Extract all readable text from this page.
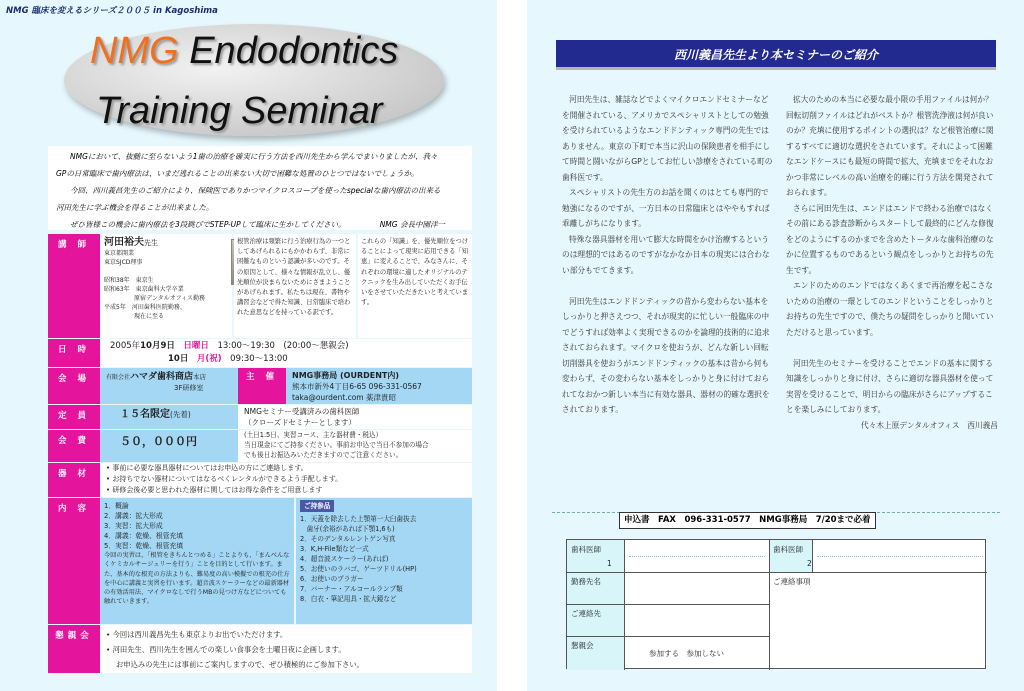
NMG 臨床を変えるシリーズ２００５ in Kagoshima
NMG Endodontics
Training Seminar

NMGにおいて、抜髄に至らないよう1歯の治療を確実に行う方法を西川先生から学んでまいりましたが、我々

GPの日常臨床で歯内療法は、いまだ逃れることの出来ない大切で困難な処置のひとつではないでしょうか。

今回、西川義昌先生のご紹介により、保険医でありかつマイクロスコープを使ったspecialな歯内療法の出来る

河田先生に学ぶ機会を得ることが出来ました。

ぜひ皆様この機会に歯内療法を3段跳びでSTEP-UPして臨床に生かしてください。	NMG 会長中園洋一

講 師	河田裕夫先生
東京都開業
東京SJCD理事
昭和38年　東京生
昭和63年　東京歯科大学卒業
　　　　　原宿デンタルオフィス勤務
平成5年　河田歯科医院勤務、
　　　　　現在に至る
根管治療は頻繁に行う治療行為の一つとしてあげられるにもかかわらず、非常に困難なものという認識が多いのです。その原因として、様々な情報が乱立し、優先順位が決まらないためにさまようことがあげられます。私たちは現在、書物や講習会などで得た知識、日常臨床で培われた意思などを持っている訳です。
これらの「知識」を、優先順位をつけることによって現実に応用できる「知恵」に変えることで、みなさんに、それぞれの環境に適したオリジナルのテクニックを生み出していただくお手伝いをさせていただきたいと考えています。
日 時	2005年10月9日　 日曜日　 13:00〜19:30　(20:00〜懇親会)
10日　 月(祝)　 09:30〜13:00
会 場	有限会社ハマダ歯科商店本店
3F研修室
主 催	NMG事務局 (OURDENT内)
熊本市新外4丁目6-65 096-331-0567
taka@ourdent.com 薬津貴昭
定 員	１５名限定(先着)	NMGセミナー受講済みの歯科医師
（クローズドセミナーとします）
会 費	５０，０００円	(土日1.5日、実習コース、主な器材費・税込）
当日現金にてご持参ください。事前お申込で当日不参加の場合
でも後日お振込みいただきますのでご注意ください。
器 材
• 事前に必要な器具器材についてはお申込の方にご連絡します。
• お持ちでない器材についてはなるべくレンタルができるよう手配します。
• 研修会後必要と思われた器材に関してはお得な条件をご用意します
内 容	1．概論
2．講義：拡大形成
3．実習：拡大形成
4．講義：乾燥、根管充填
5．実習：乾燥、根管充填
今回の実習は、「根管をきちんとつめる」ことよりも、「まんべんなくケミカルサージェリーを行う」ことを目的として行います。また、基本的な根充の方法よりも、難易度の高い模擬での根充の仕方を中心に講義と実習を行います。超音波スケーラーなどの最新器材の有効活用法、マイクロなしで行うMBの見つけ方などについても触れていきます。
ご持参品
1．天蓋を除去した上顎第一大臼歯抜去
　歯牙(余裕があれば下顎1,6も)
2．そのデンタルレントゲン写真
3．K,H-File類など一式
4．超音波スケーラー(あれば)
5．お使いのラバゴ、ゲーツドリル(HP)
6．お使いのプラガー
7．バーナー・アルコールランプ類
8．白衣・筆記用具・拡大鏡など
懇親会
•	今回は西川義昌先生も東京よりお出でいただけます。
• 河田先生、西川先生を囲んでの楽しい食事会を土曜日夜に企画します。
お申込みの先生には事前にご案内しますので、ぜひ積極的にご参加下さい。
西川義昌先生より本セミナーのご紹介

河田先生は、雑誌などでよくマイクロエンドセミナーなどを開催されている、アメリカでスペシャリストとしての勉強を受けられているようなエンドドンティック専門の先生ではありません。東京の下町で本当に沢山の保険患者を相手にして時間と闘いながらGPとしてお忙しい診療をされている町の歯科医です。

スペシャリストの先生方のお話を聞くのはとても専門的で勉強になるのですが、一方日本の日常臨床とはややもすれば乖離しがちになります。

特殊な器具器材を用いて膨大な時間をかけ治療するというのは理想的ではあるのですがなかなか日本の現実には合わない部分もでてきます。

河田先生はエンドドンティックの昔から変わらない基本をしっかりと押さえつつ、それが現実的に忙しい一般臨床の中でどうすれば効率よく実現できるのかを論理的技術的に追求されておられます。マイクロを使おうが、どんな新しい回転切削器具を使おうがエンドドンティックの基本は昔から何も変わらず、その変わらない基本をしっかりと身に付けておられてなおかつ新しい本当に有効な器具、器材の的確な選択をされております。

拡大のための本当に必要な最小限の手用ファイルは何か？回転切削ファイルはどれがベストか？根管洗浄液は何が良いのか？充填に使用するポイントの選択は？など根管治療に関するすべてに適切な選択をされています。それによって困難なエンドケースにも最短の時間で拡大、充填までをそれなおかつ非常にレベルの高い治療を的確に行う方法を開発されておられます。

さらに河田先生は、エンドはエンドで終わる治療ではなくその前にある診査診断からスタートして最終的にどんな修復をどのようにするのかまでを含めたトータルな歯科治療のなかに位置するものであるという観点をしっかりとお持ちの先生です。

エンドのためのエンドではなくあくまで再治療を起こさないための治療の一環としてのエンドということをしっかりとお持ちの先生ですので、僕たちの疑問をしっかりと聞いていただけると思っています。

河田先生のセミナーを受けることでエンドの基本に関する知識をしっかりと身に付け、さらに適切な器具器材を使って実習を受けることで、明日からの臨床がさらにアップすることを楽しみにしております。

代々木上原デンタルオフィス　西川義昌
申込書　FAX　096-331-0577　NMG事務局　7/20まで必着
歯科医師
1
歯科医師
2
勤務先名	ご連絡事項
ご連絡先
懇親会
参加する　参加しない
